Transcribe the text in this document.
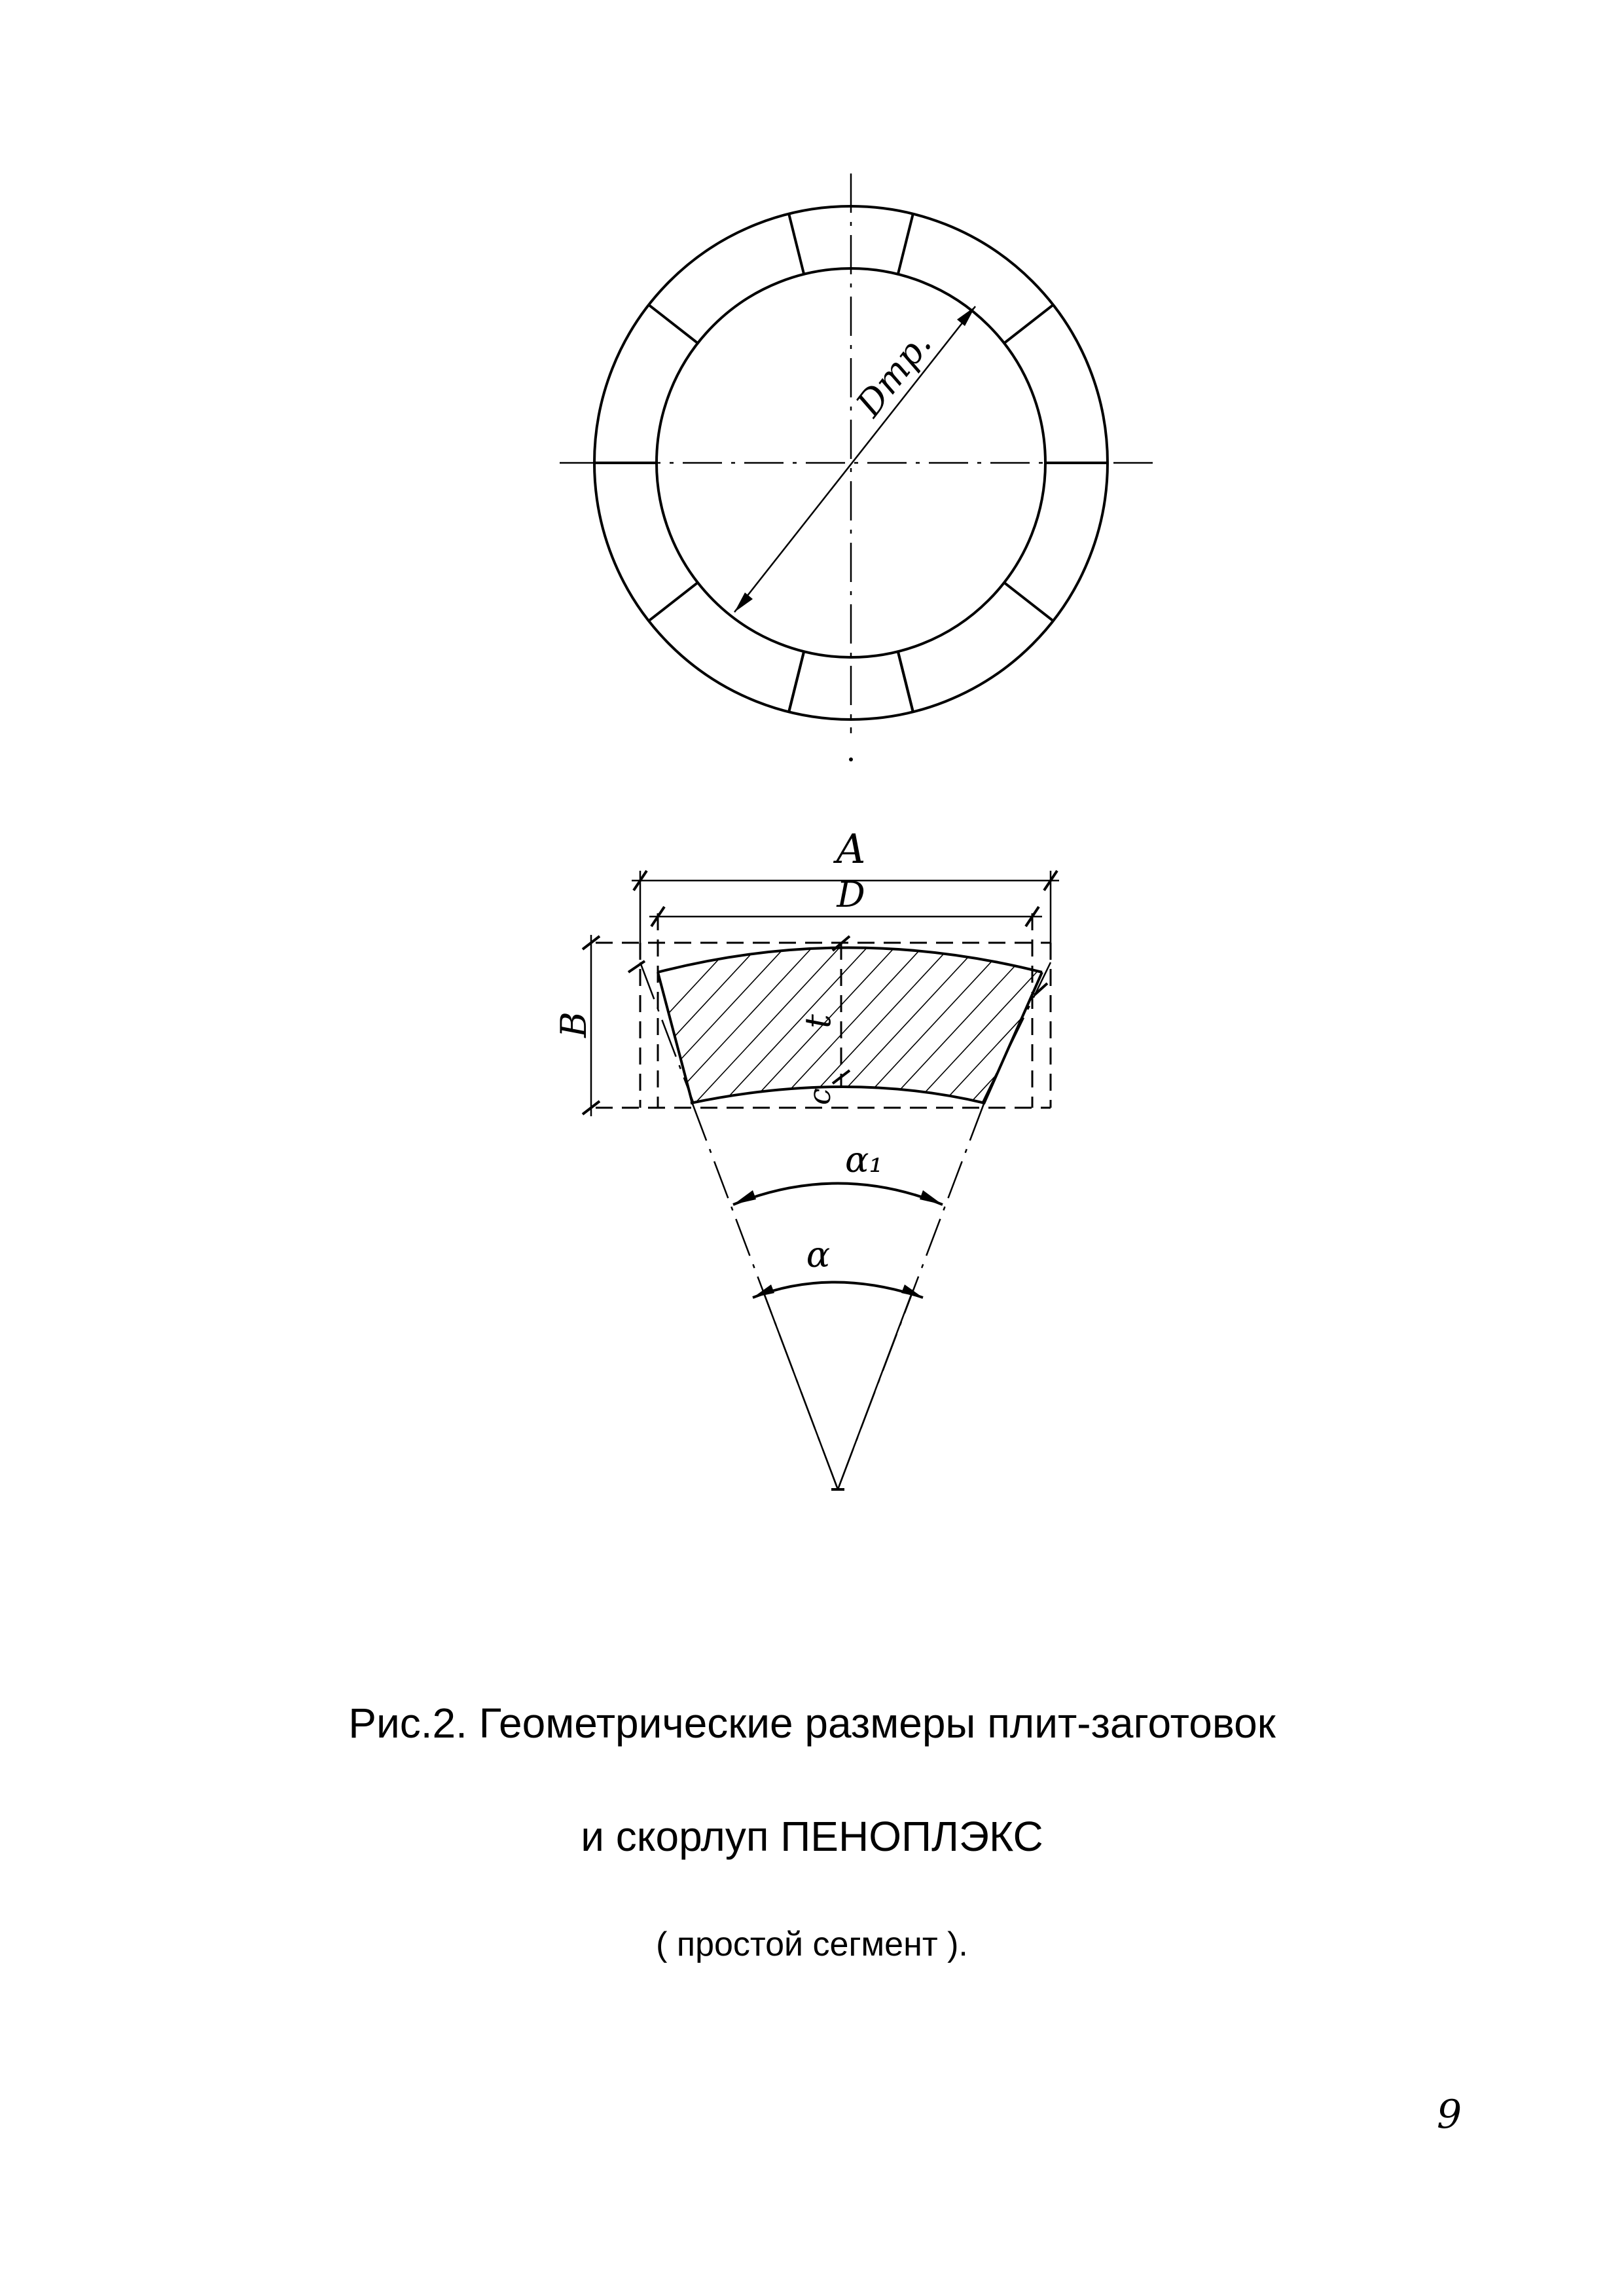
Dтр.
A
D
B	t
c
α₁
α
Рис.2. Геометрические размеры плит-заготовок
и скорлуп ПЕНОПЛЭКС
( простой сегмент ).
9
